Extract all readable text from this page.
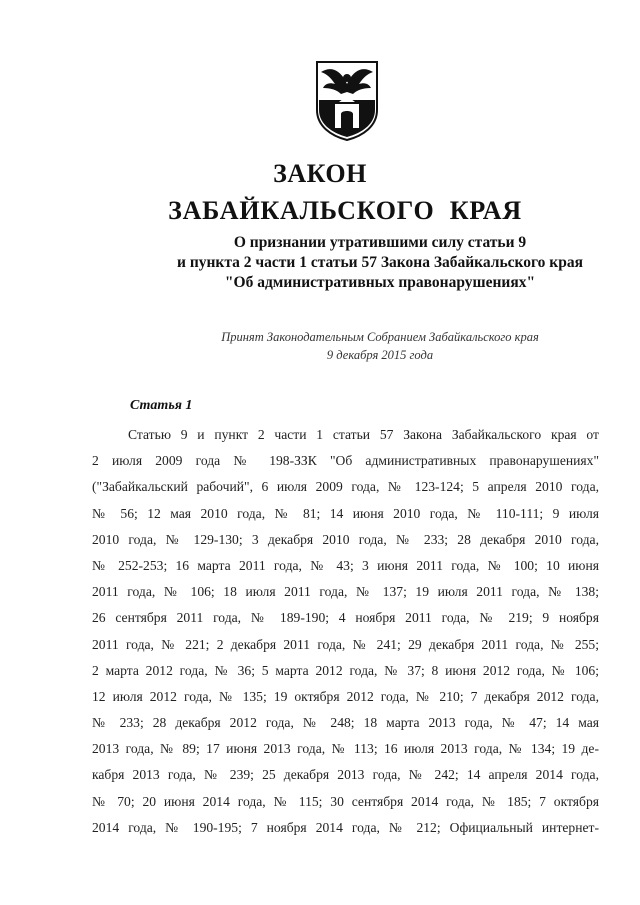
ЗАКОН
ЗАБАЙКАЛЬСКОГО КРАЯ
О признании утратившими силу статьи 9
и пункта 2 части 1 статьи 57 Закона Забайкальского края
"Об административных правонарушениях"
Принят Законодательным Собранием Забайкальского края
9 декабря 2015 года
Статья 1
Статью 9 и пункт 2 части 1 статьи 57 Закона Забайкальского края от
2 июля 2009 года № 198-ЗЗК "Об административных правонарушениях"
("Забайкальский рабочий", 6 июля 2009 года, № 123-124; 5 апреля 2010 года,
№ 56; 12 мая 2010 года, № 81; 14 июня 2010 года, № 110-111; 9 июля
2010 года, № 129-130; 3 декабря 2010 года, № 233; 28 декабря 2010 года,
№ 252-253; 16 марта 2011 года, № 43; 3 июня 2011 года, № 100; 10 июня
2011 года, № 106; 18 июля 2011 года, № 137; 19 июля 2011 года, № 138;
26 сентября 2011 года, № 189-190; 4 ноября 2011 года, № 219; 9 ноября
2011 года, № 221; 2 декабря 2011 года, № 241; 29 декабря 2011 года, № 255;
2 марта 2012 года, № 36; 5 марта 2012 года, № 37; 8 июня 2012 года, № 106;
12 июля 2012 года, № 135; 19 октября 2012 года, № 210; 7 декабря 2012 года,
№ 233; 28 декабря 2012 года, № 248; 18 марта 2013 года, № 47; 14 мая
2013 года, № 89; 17 июня 2013 года, № 113; 16 июля 2013 года, № 134; 19 де-
кабря 2013 года, № 239; 25 декабря 2013 года, № 242; 14 апреля 2014 года,
№ 70; 20 июня 2014 года, № 115; 30 сентября 2014 года, № 185; 7 октября
2014 года, № 190-195; 7 ноября 2014 года, № 212; Официальный интернет-
